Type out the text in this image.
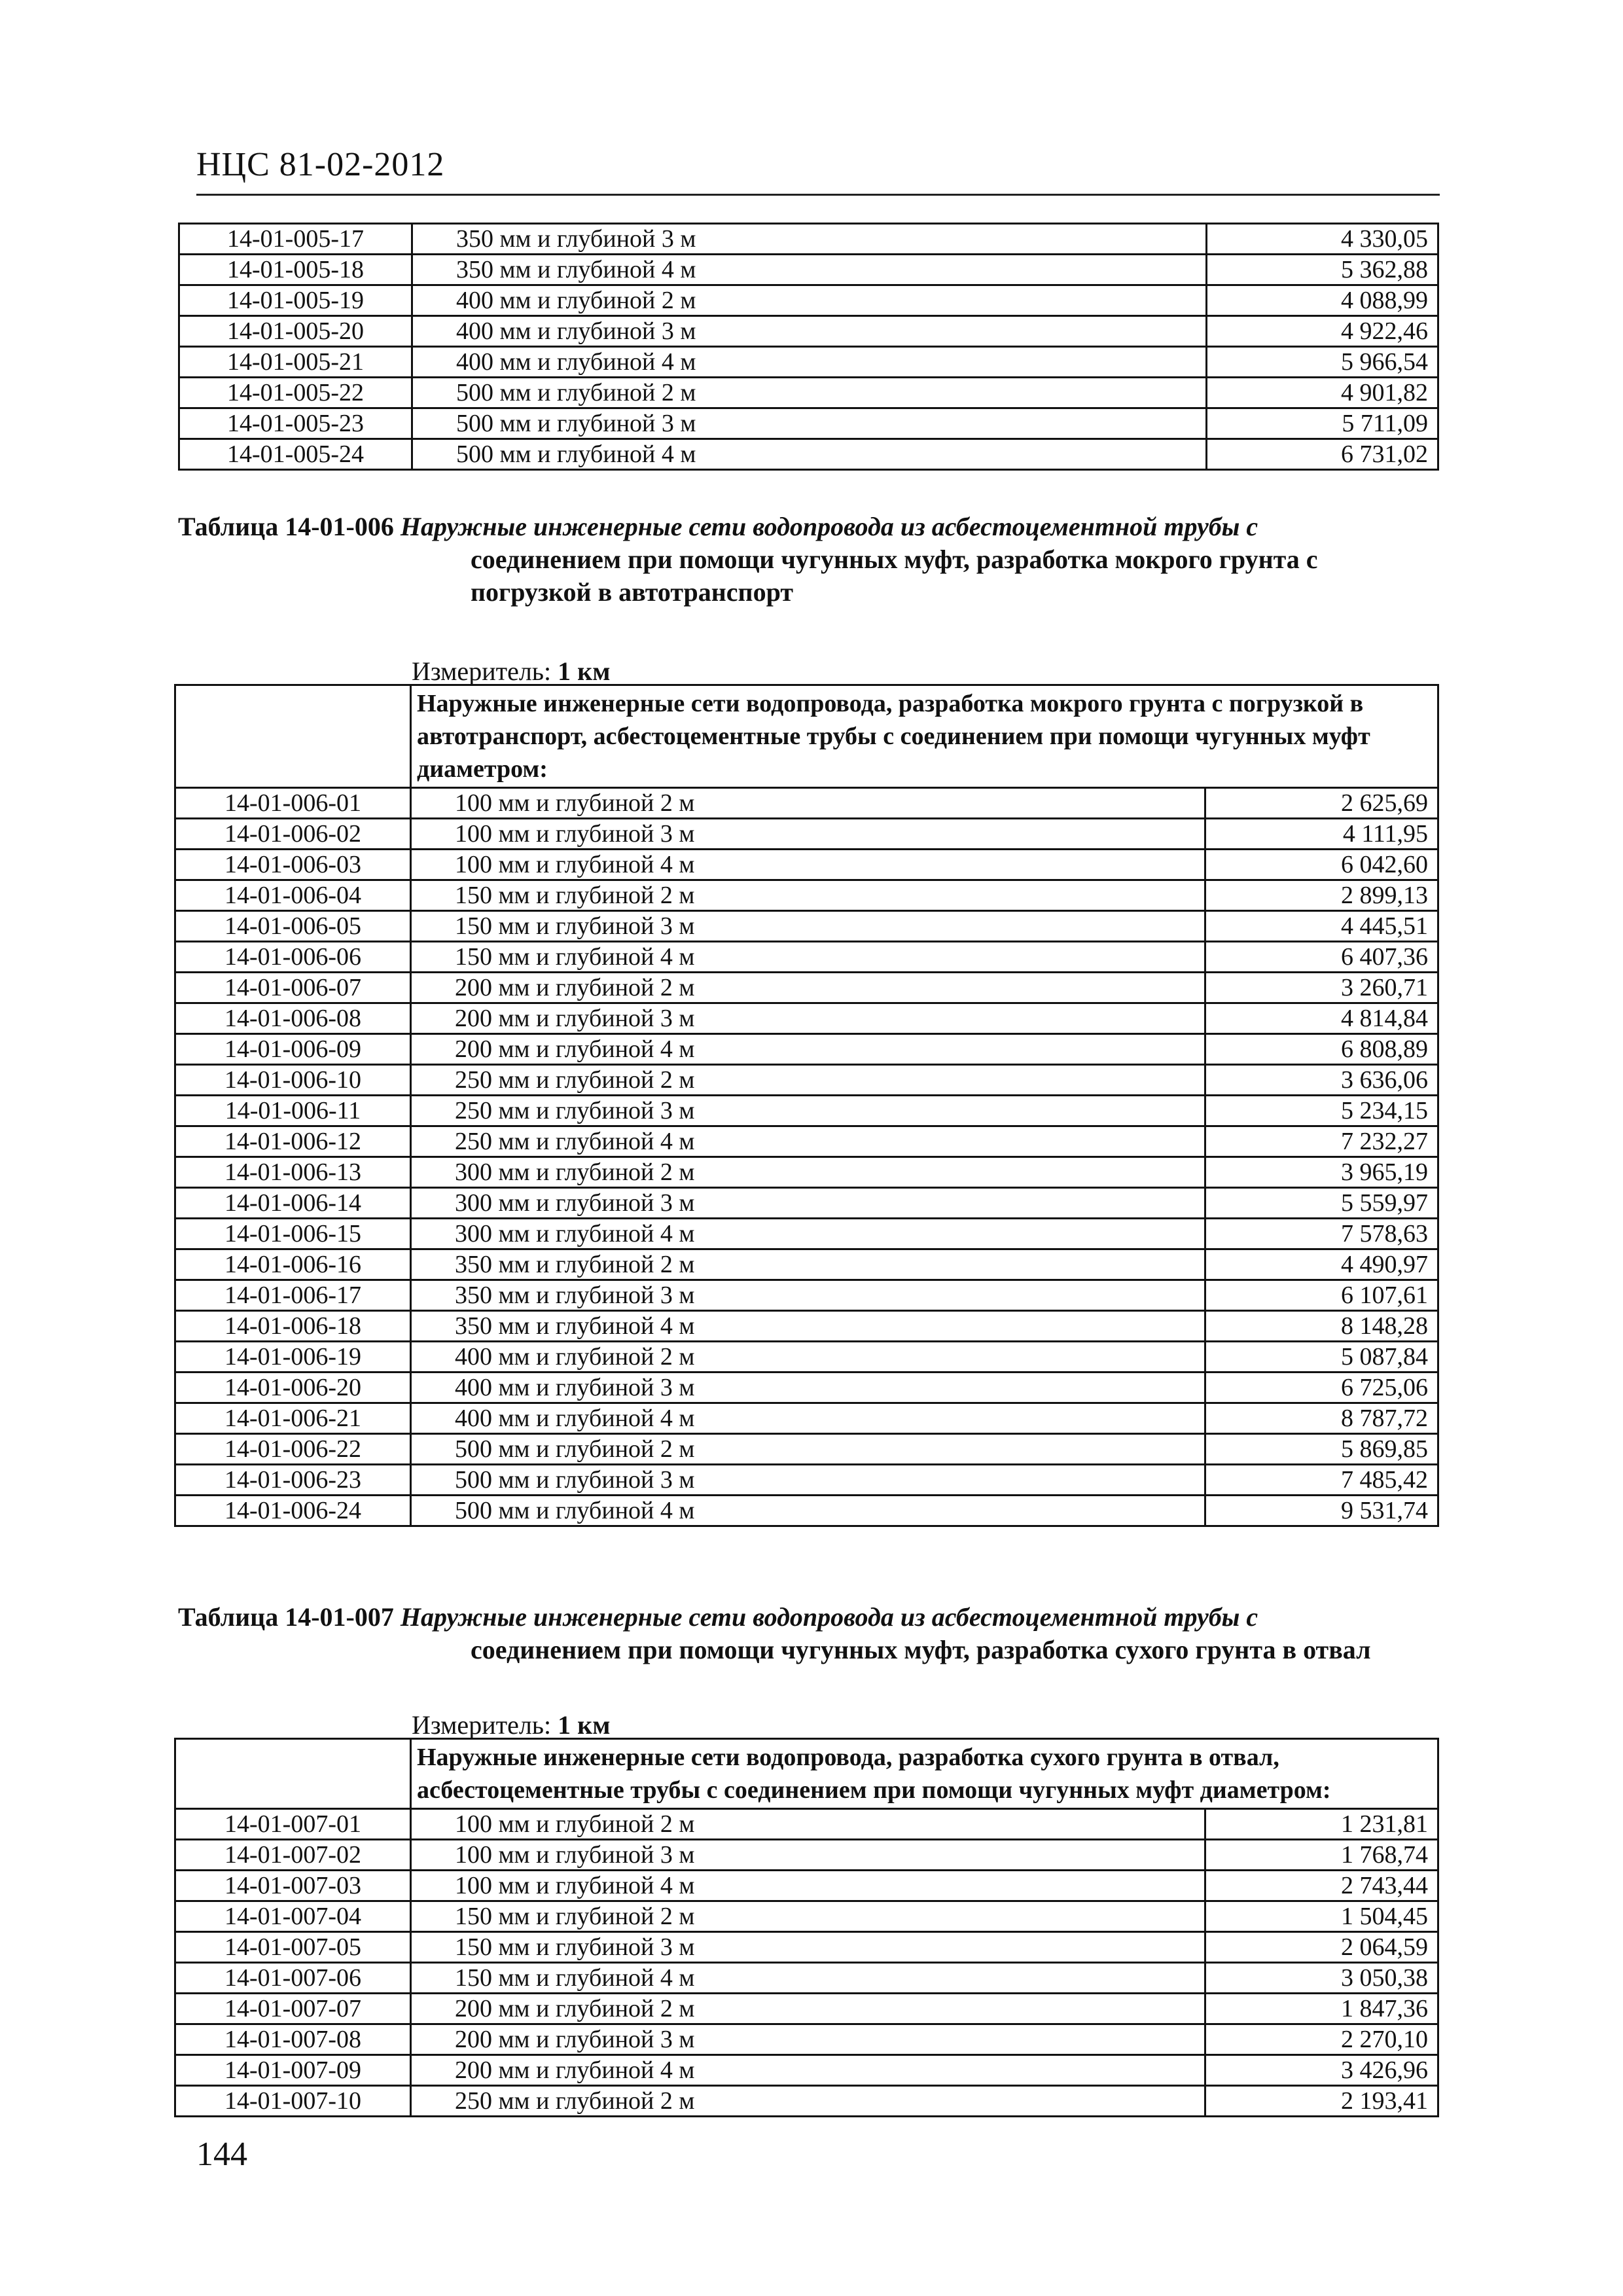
НЦС 81-02-2012
14-01-005-17	350 мм и глубиной 3 м	4 330,05
14-01-005-18	350 мм и глубиной 4 м	5 362,88
14-01-005-19	400 мм и глубиной 2 м	4 088,99
14-01-005-20	400 мм и глубиной 3 м	4 922,46
14-01-005-21	400 мм и глубиной 4 м	5 966,54
14-01-005-22	500 мм и глубиной 2 м	4 901,82
14-01-005-23	500 мм и глубиной 3 м	5 711,09
14-01-005-24	500 мм и глубиной 4 м	6 731,02
Таблица 14-01-006 Наружные инженерные сети водопровода из асбестоцементной трубы с
соединением при помощи чугунных муфт, разработка мокрого грунта с
погрузкой в автотранспорт
Измеритель: 1 км
	Наружные инженерные сети водопровода, разработка мокрого грунта с погрузкой в автотранспорт, асбестоцементные трубы с соединением при помощи чугунных муфт диаметром:	
14-01-006-01	100 мм и глубиной 2 м	2 625,69
14-01-006-02	100 мм и глубиной 3 м	4 111,95
14-01-006-03	100 мм и глубиной 4 м	6 042,60
14-01-006-04	150 мм и глубиной 2 м	2 899,13
14-01-006-05	150 мм и глубиной 3 м	4 445,51
14-01-006-06	150 мм и глубиной 4 м	6 407,36
14-01-006-07	200 мм и глубиной 2 м	3 260,71
14-01-006-08	200 мм и глубиной 3 м	4 814,84
14-01-006-09	200 мм и глубиной 4 м	6 808,89
14-01-006-10	250 мм и глубиной 2 м	3 636,06
14-01-006-11	250 мм и глубиной 3 м	5 234,15
14-01-006-12	250 мм и глубиной 4 м	7 232,27
14-01-006-13	300 мм и глубиной 2 м	3 965,19
14-01-006-14	300 мм и глубиной 3 м	5 559,97
14-01-006-15	300 мм и глубиной 4 м	7 578,63
14-01-006-16	350 мм и глубиной 2 м	4 490,97
14-01-006-17	350 мм и глубиной 3 м	6 107,61
14-01-006-18	350 мм и глубиной 4 м	8 148,28
14-01-006-19	400 мм и глубиной 2 м	5 087,84
14-01-006-20	400 мм и глубиной 3 м	6 725,06
14-01-006-21	400 мм и глубиной 4 м	8 787,72
14-01-006-22	500 мм и глубиной 2 м	5 869,85
14-01-006-23	500 мм и глубиной 3 м	7 485,42
14-01-006-24	500 мм и глубиной 4 м	9 531,74
Таблица 14-01-007 Наружные инженерные сети водопровода из асбестоцементной трубы с
соединением при помощи чугунных муфт, разработка сухого грунта в отвал
Измеритель: 1 км
	Наружные инженерные сети водопровода, разработка сухого грунта в отвал, асбестоцементные трубы с соединением при помощи чугунных муфт диаметром:	
14-01-007-01	100 мм и глубиной 2 м	1 231,81
14-01-007-02	100 мм и глубиной 3 м	1 768,74
14-01-007-03	100 мм и глубиной 4 м	2 743,44
14-01-007-04	150 мм и глубиной 2 м	1 504,45
14-01-007-05	150 мм и глубиной 3 м	2 064,59
14-01-007-06	150 мм и глубиной 4 м	3 050,38
14-01-007-07	200 мм и глубиной 2 м	1 847,36
14-01-007-08	200 мм и глубиной 3 м	2 270,10
14-01-007-09	200 мм и глубиной 4 м	3 426,96
14-01-007-10	250 мм и глубиной 2 м	2 193,41
144
